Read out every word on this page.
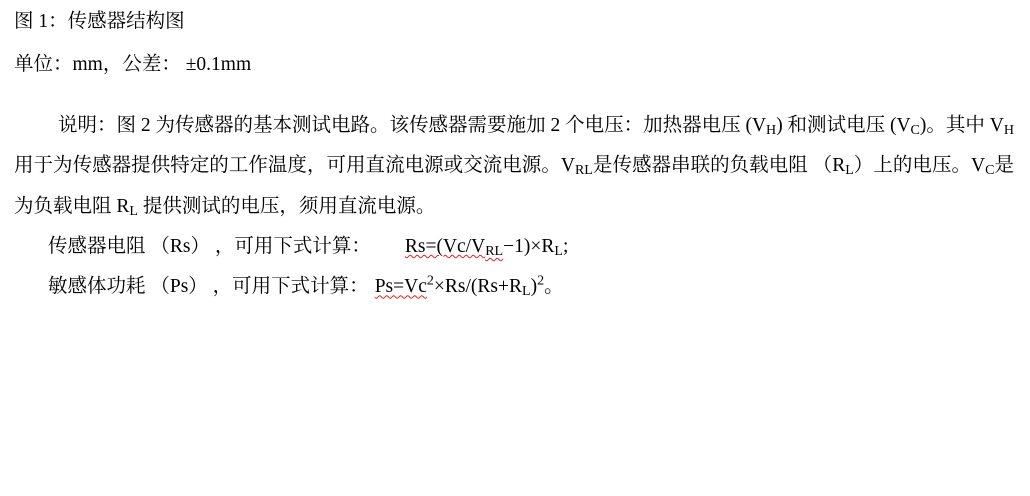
图 1：传感器结构图
单位：mm，公差： ±0.1mm

说明：图 2 为传感器的基本测试电路。该传感器需要施加 2 个电压：加热器电压 $(V_H)$ 和测试电压 $(V_C)$。其中 $V_H$ 用于为传感器提供特定的工作温度，可用直流电源或交流电源。$V_{RL}$是传感器串联的负载电阻 $(R_L)$上的电压。$V_C$是为负载电阻 $R_L$ 提供测试的电压，须用直流电源。

传感器电阻 （Rs） ，可用下式计算： $Rs=(Vc/V_{RL}-1)\times R_L$;

敏感体功耗 （Ps） ，可用下式计算： $Ps=Vc^2\times Rs/(Rs+R_L)^2$。
